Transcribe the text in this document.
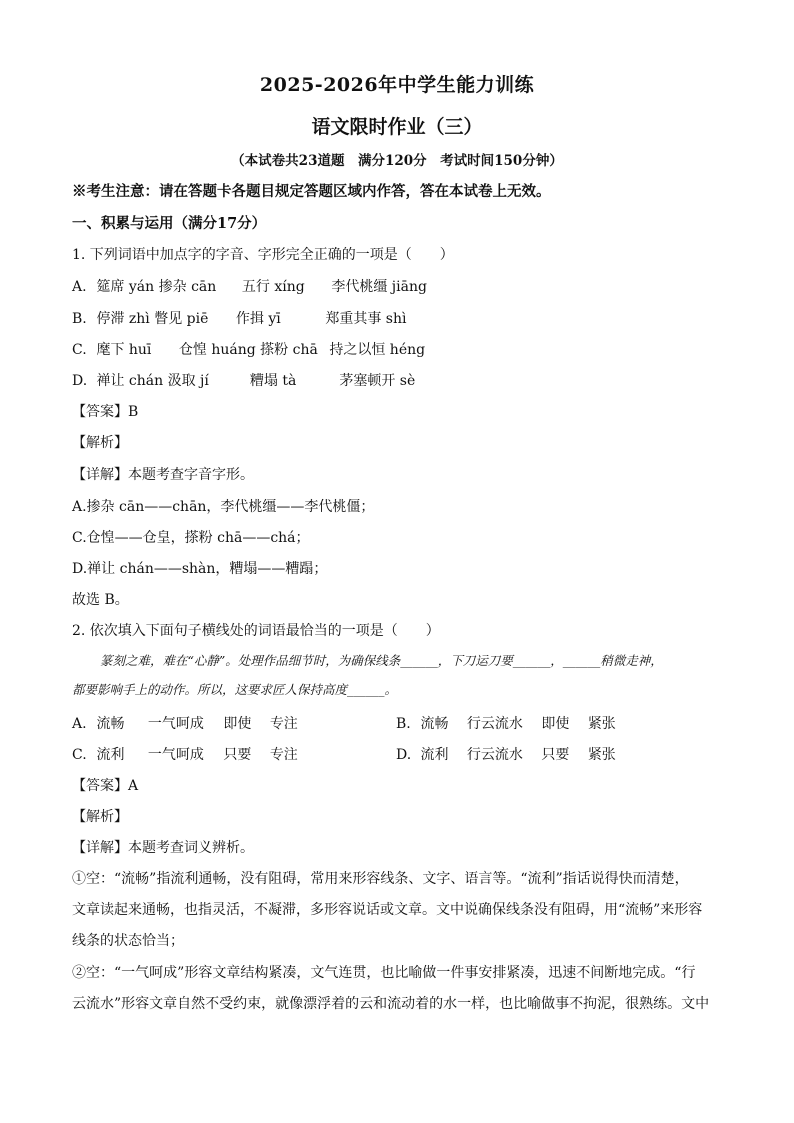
2025-2026年中学生能力训练
语文限时作业（三）
（本试卷共23道题　满分120分　考试时间150分钟）
※考生注意：请在答题卡各题目规定答题区域内作答，答在本试卷上无效。
一、积累与运用（满分17分）
1. 下列词语中加点字的字音、字形完全正确的一项是（　　）
A. 筵席 yán 掺杂 cān 五行 xíng 李代桃缰 jiāng
B. 停滞 zhì 瞥见 piē 作揖 yī	郑重其事 shì
C. 麾下 huī 仓惶 huáng 搽粉 chā 持之以恒 héng
D. 禅让 chán 汲取 jí	糟塌 tà	茅塞顿开 sè
【答案】B
【解析】
【详解】本题考查字音字形。
A.掺杂 cān——chān，李代桃缰——李代桃僵；
C.仓惶——仓皇，搽粉 chā——chá；
D.禅让 chán——shàn，糟塌——糟蹋；
故选 B。
2. 依次填入下面句子横线处的词语最恰当的一项是（　　）
篆刻之难，难在“心静”。处理作品细节时，为确保线条______，下刀运刀要______，______稍微走神，
都要影响手上的动作。所以，这要求匠人保持高度______。
A. 流畅 一气呵成 即使 专注	B. 流畅 行云流水 即使 紧张
C. 流利 一气呵成 只要 专注	D. 流利 行云流水 只要 紧张
【答案】A
【解析】
【详解】本题考查词义辨析。
①空：“流畅”指流利通畅，没有阻碍，常用来形容线条、文字、语言等。“流利”指话说得快而清楚，
文章读起来通畅，也指灵活，不凝滞，多形容说话或文章。文中说确保线条没有阻碍，用“流畅”来形容
线条的状态恰当；
②空：“一气呵成”形容文章结构紧凑，文气连贯，也比喻做一件事安排紧凑，迅速不间断地完成。“行
云流水”形容文章自然不受约束，就像漂浮着的云和流动着的水一样，也比喻做事不拘泥，很熟练。文中
